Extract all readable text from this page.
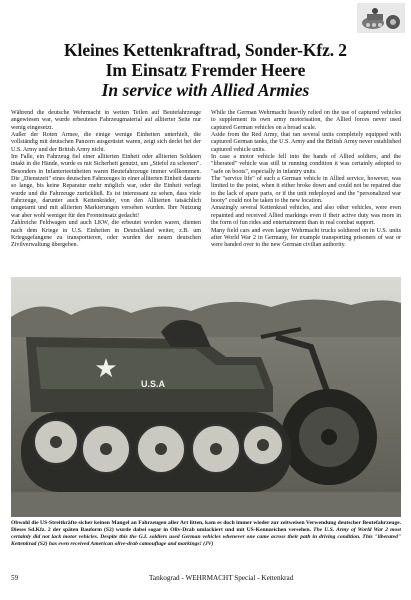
Kleines Kettenkraftrad, Sonder-Kfz. 2
Im Einsatz Fremder Heere
In service with Allied Armies

Während die deutsche Wehrmacht in weiten Teilen auf Beutefahrzeuge angewiesen war, wurde erbeutetes Fahrzeugmaterial auf alliierter Seite nur wenig eingesetzt.

Außer der Roten Armee, die einige wenige Einheiten unterhielt, die vollständig mit deutschen Panzern ausgerüstet waren, zeigt sich derlei bei der U.S. Army und der British Army nicht.

Im Falle, ein Fahrzeug fiel einer alliierten Einheit oder alliierten Soldaten intakt in die Hände, wurde es mit Sicherheit genutzt, um „Stiefel zu schonen". Besonders in Infanterieeinheiten waren Beutefahrzeuge immer willkommen. Die „Dienstzeit" eines deutschen Fahrzeuges in einer alliierten Einheit dauerte so lange, bis keine Reparatur mehr möglich war, oder die Einheit verlegt wurde und die Fahrzeuge zurückließ. Es ist interessant zu sehen, dass viele Fahrzeuge, darunter auch Kettenkräder, von den Alliierten tatsächlich umgetarnt und mit alliierten Markierungen versehen wurden. Ihre Nutzung war aber wohl weniger für den Fronteinsatz gedacht!

Zahlreiche Feldwagen und auch LKW, die erbeutet worden waren, dienten nach dem Kriege in U.S. Einheiten in Deutschland weiter, z.B. um Kriegsgefangene zu transportieren, oder wurden der neuen deutschen Zivilverwaltung übergeben.

While the German Wehrmacht heavily relied on the use of captured vehicles to supplement its own army motorisation, the Allied forces never used captured German vehicles on a broad scale.

Aside from the Red Army, that ran several units completely equipped with captured German tanks, the U.S. Army and the British Army never established captured vehicle units.

In case a motor vehicle fell into the hands of Allied soldiers, and the "liberated" vehicle was still in running condition it was certainly adopted to "safe on boots", especially in infantry units.

The "service life" of such a German vehicle in Allied service, however, was limited to the point, when it either broke down and could not be repaired due to the lack of spare parts, or if the unit redeployed and the "personalized war booty" could not be taken to the new location.

Amazingly several Kettenkrad vehicles, and also other vehicles, were even repainted and received Allied markings even if their active duty was more in the form of fun rides and entertainment than in real combat support.

Many field cars and even larger Wehrmacht trucks soldiered on in U.S. units after World War 2 in Germany, for example transporting prisoners of war or were handed over to the new German civilian authority.

★	U.S.A
Obwohl die US-Streitkräfte sicher keinen Mangel an Fahrzeugen aller Art litten, kam es doch immer wieder zur zeitweisen Verwendung deutscher Beutefahrzeuge. Dieses Sd.Kfz. 2 der späten Bauform (S2) wurde dabei sogar in Oliv-Drab umlackiert und mit US-Kennzeichen versehen. The U.S. Army of World War 2 most certainly did not lack motor vehicles. Despite this the G.I. soldiers used German vehicles whenever one came across their path in driving condition. This "liberated" Kettenkrad (S2) has even received American olive-drab camouflage and markings! (JV)
59	Tankograd - WEHRMACHT Special - Kettenkrad
